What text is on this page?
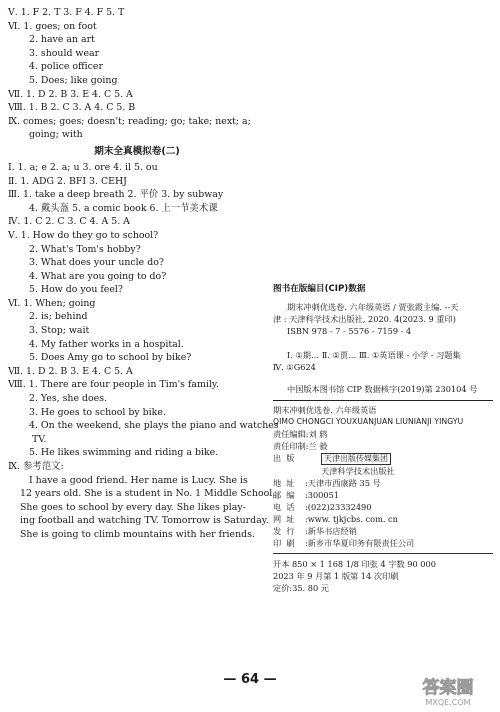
Ⅴ. 1. F 2. T 3. F 4. F 5. T
Ⅵ. 1. goes; on foot
2. have an art
3. should wear
4. police officer
5. Does; like going
Ⅶ. 1. D 2. B 3. E 4. C 5. A
Ⅷ. 1. B 2. C 3. A 4. C 5. B
Ⅸ. comes; goes; doesn't; reading; go; take; next; a;
going; with
期末全真模拟卷(二)
Ⅰ. 1. a; e 2. a; u 3. ore 4. il 5. ou
Ⅱ. 1. ADG 2. BFI 3. CEHJ
Ⅲ. 1. take a deep breath 2. 平价 3. by subway
4. 戴头盔 5. a comic book 6. 上一节美术课
Ⅳ. 1. C 2. C 3. C 4. A 5. A
Ⅴ. 1. How do they go to school?
2. What's Tom's hobby?
3. What does your uncle do?
4. What are you going to do?
5. How do you feel?
Ⅵ. 1. When; going
2. is; behind
3. Stop; wait
4. My father works in a hospital.
5. Does Amy go to school by bike?
Ⅶ. 1. D 2. B 3. E 4. C 5. A
Ⅷ. 1. There are four people in Tim's family.
2. Yes, she does.
3. He goes to school by bike.
4. On the weekend, she plays the piano and watches
TV.
5. He likes swimming and riding a bike.
Ⅸ. 参考范文:
I have a good friend. Her name is Lucy. She is
12 years old. She is a student in No. 1 Middle School.
She goes to school by every day. She likes play-
ing football and watching TV. Tomorrow is Saturday.
She is going to climb mountains with her friends.
图书在版编目(CIP)数据
期末冲刺优选卷. 六年级英语 / 贾张霞主编. --天
津 : 天津科学技术出版社, 2020. 4(2023. 9 重印)
ISBN 978 - 7 - 5576 - 7159 - 4
Ⅰ. ①期… Ⅱ. ①贾… Ⅲ. ①英语课 - 小学 - 习题集
Ⅳ. ①G624
中国版本图书馆 CIP 数据核字(2019)第 230104 号
期末冲刺优选卷. 六年级英语
QIMO CHONGCI YOUXUANJUAN LIUNIANJI YINGYU
责任编辑:刘 鸫
责任印制:兰 毅
出版	天津出版传媒集团
天津科学技术出版社
地址 :天津市西康路 35 号
邮编 :300051
电话 :(022)23332490
网址 :www. tjkjcbs. com. cn
发行 :新华书店经销
印刷 :新乡市华夏印务有限责任公司
开本 850 × 1 168 1/8 印张 4 字数 90 000
2023 年 9 月第 1 版第 14 次印刷
定价:35. 80 元
— 64 —	答案圈
MXQE.COM
